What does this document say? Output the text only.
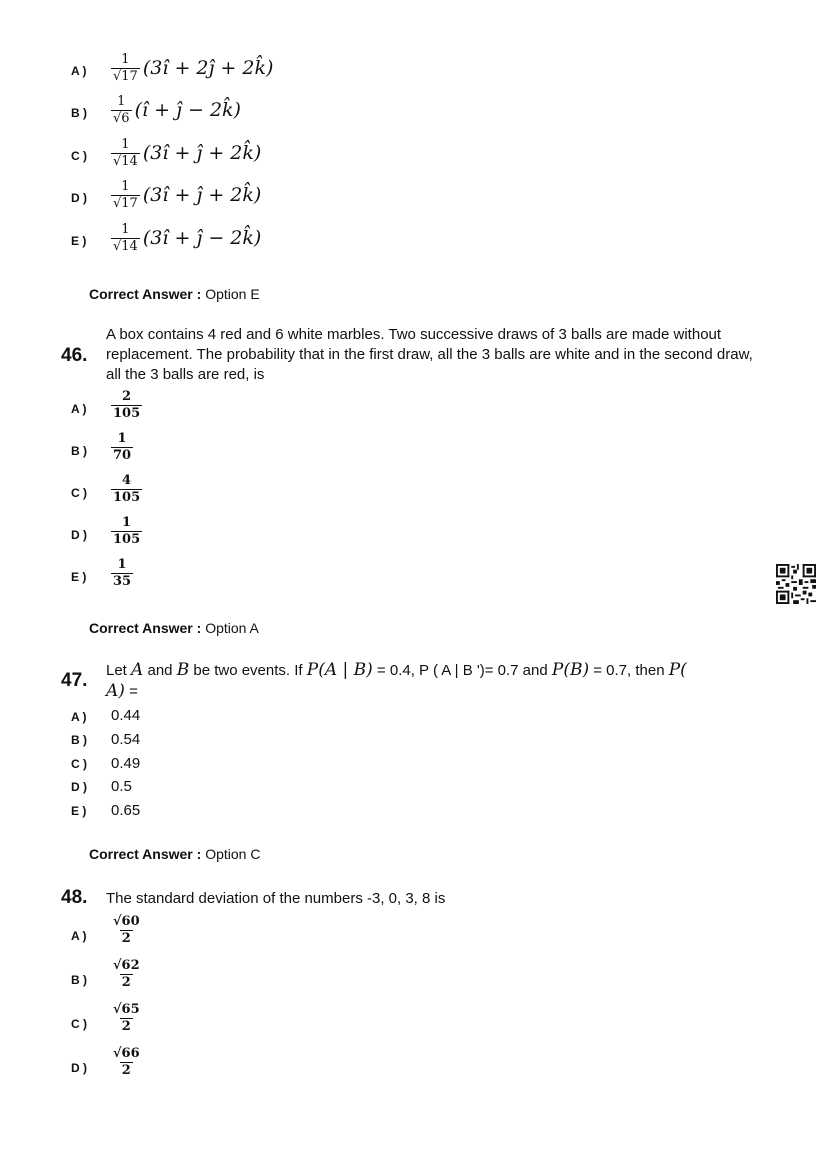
A ) $\frac{1}{√17}$ (3î + 2ĵ + 2k̂)
B ) $\frac{1}{√6}$ (î + ĵ − 2k̂)
C ) $\frac{1}{√14}$ (3î + ĵ + 2k̂)
D ) $\frac{1}{√17}$ (3î + ĵ + 2k̂)
E ) $\frac{1}{√14}$ (3î + ĵ − 2k̂)
Correct Answer : Option E
46.
A box contains 4 red and 6 white marbles. Two successive draws of 3 balls are made without replacement. The probability that in the first draw, all the 3 balls are white and in the second draw, all the 3 balls are red, is
A ) $\frac{2}{105}$
B ) $\frac{1}{70}$
C ) $\frac{4}{105}$
D ) $\frac{1}{105}$
E ) $\frac{1}{35}$
Correct Answer : Option A
47. Let A and B be two events. If P(A | B) = 0.4, P ( A | B ')= 0.7 and P(B) = 0.7, then P(
A) =
A ) 0.44
B ) 0.54
C ) 0.49
D ) 0.5
E ) 0.65
Correct Answer : Option C
48. The standard deviation of the numbers -3, 0, 3, 8 is
A ) $\frac{√60}{2}$
B ) $\frac{√62}{2}$
C ) $\frac{√65}{2}$
D ) $\frac{√66}{2}$
